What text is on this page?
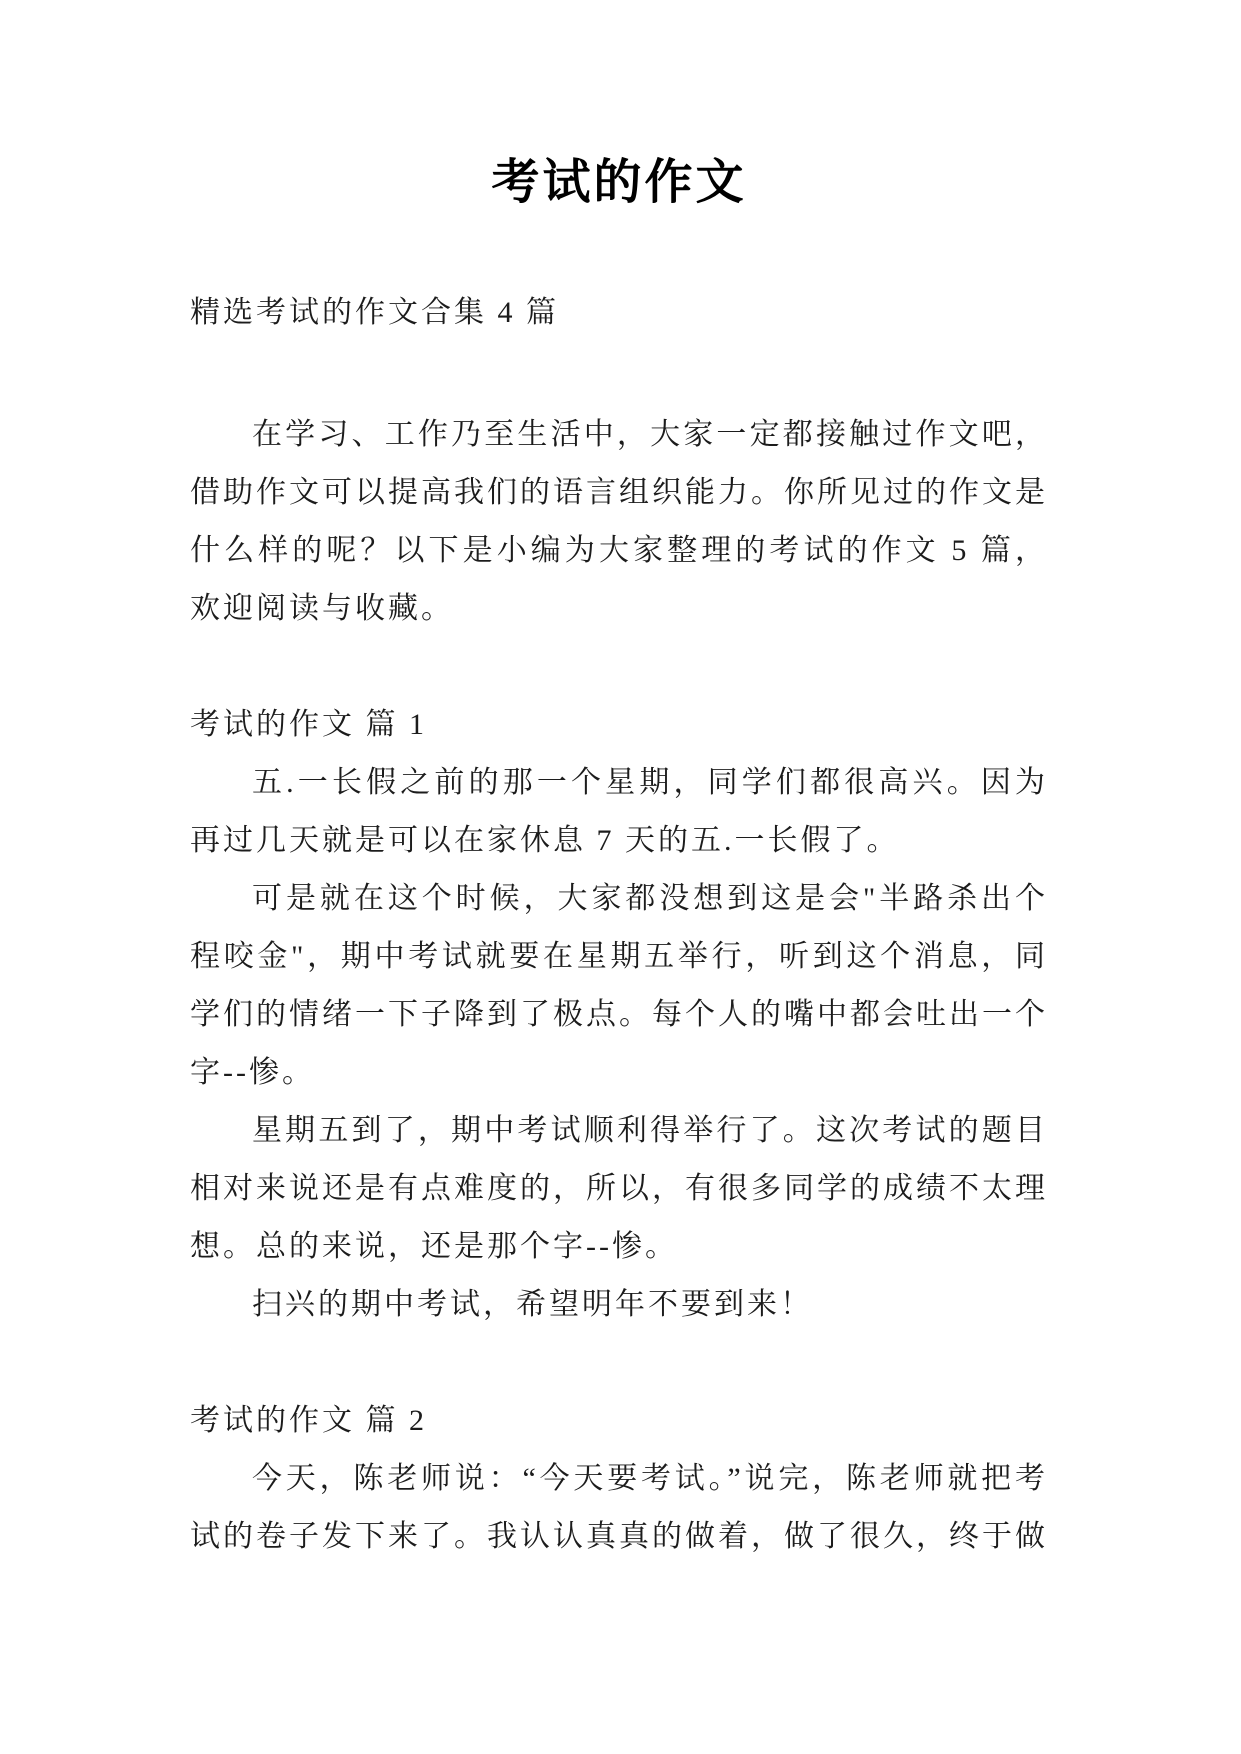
考试的作文

精选考试的作文合集 4 篇

在学习、工作乃至生活中，大家一定都接触过作文吧，借助作文可以提高我们的语言组织能力。你所见过的作文是什么样的呢？以下是小编为大家整理的考试的作文 5 篇，欢迎阅读与收藏。

考试的作文 篇 1

五.一长假之前的那一个星期，同学们都很高兴。因为再过几天就是可以在家休息 7 天的五.一长假了。

可是就在这个时候，大家都没想到这是会"半路杀出个程咬金"，期中考试就要在星期五举行，听到这个消息，同学们的情绪一下子降到了极点。每个人的嘴中都会吐出一个字--惨。

星期五到了，期中考试顺利得举行了。这次考试的题目相对来说还是有点难度的，所以，有很多同学的成绩不太理想。总的来说，还是那个字--惨。

扫兴的期中考试，希望明年不要到来！

考试的作文 篇 2

今天，陈老师说：“今天要考试。”说完，陈老师就把考试的卷子发下来了。我认认真真的做着，做了很久，终于做
